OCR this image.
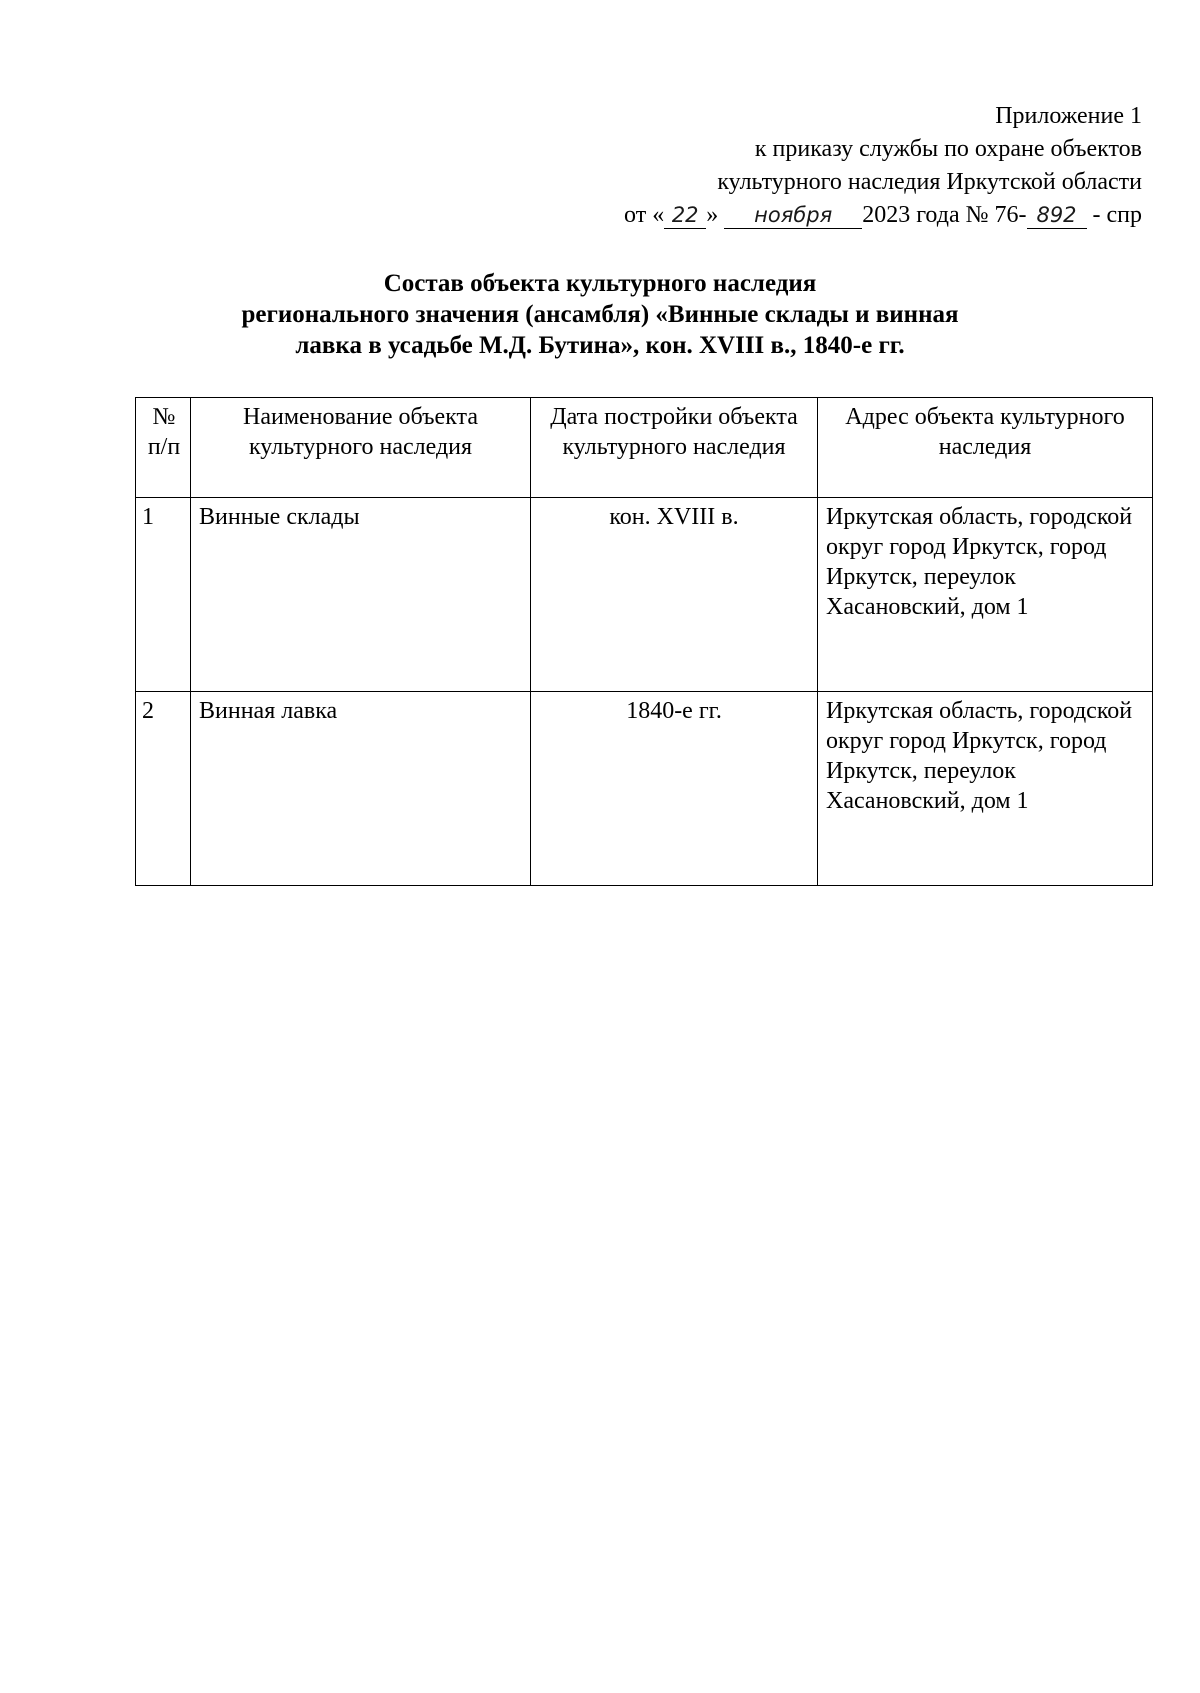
Приложение 1
к приказу службы по охране объектов
культурного наследия Иркутской области
от « 22 » ноября 2023 года № 76- 892 - спр
Состав объекта культурного наследия
регионального значения (ансамбля) «Винные склады и винная
лавка в усадьбе М.Д. Бутина», кон. XVIII в., 1840-е гг.
№ п/п	Наименование объекта культурного наследия	Дата постройки объекта культурного наследия	Адрес объекта культурного наследия
1	Винные склады	кон. XVIII в.	Иркутская область, городской округ город Иркутск, город Иркутск, переулок Хасановский, дом 1
2	Винная лавка	1840-е гг.	Иркутская область, городской округ город Иркутск, город Иркутск, переулок Хасановский, дом 1
